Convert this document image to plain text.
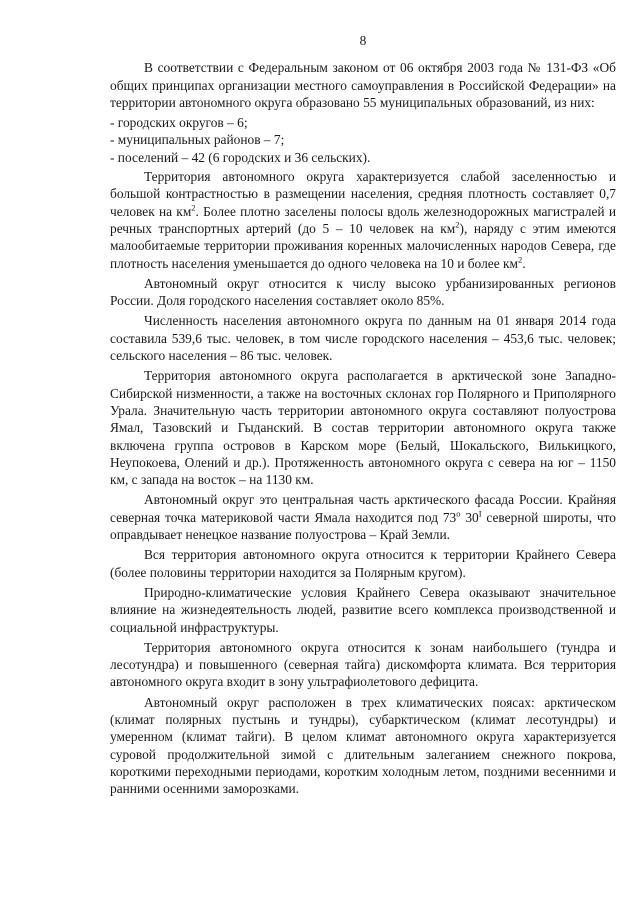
8

В соответствии с Федеральным законом от 06 октября 2003 года № 131-ФЗ «Об общих принципах организации местного самоуправления в Российской Федерации» на территории автономного округа образовано 55 муниципальных образований, из них:

- городских округов – 6;
- муниципальных районов – 7;
- поселений – 42 (6 городских и 36 сельских).

Территория автономного округа характеризуется слабой заселенностью и большой контрастностью в размещении населения, средняя плотность составляет 0,7 человек на $км^2$. Более плотно заселены полосы вдоль железнодорожных магистралей и речных транспортных артерий (до 5 – 10 человек на $км^2$), наряду с этим имеются малообитаемые территории проживания коренных малочисленных народов Севера, где плотность населения уменьшается до одного человека на 10 и более $км^2$.

Автономный округ относится к числу высоко урбанизированных регионов России. Доля городского населения составляет около 85%.

Численность населения автономного округа по данным на 01 января 2014 года составила 539,6 тыс. человек, в том числе городского населения – 453,6 тыс. человек; сельского населения – 86 тыс. человек.

Территория автономного округа располагается в арктической зоне Западно-Сибирской низменности, а также на восточных склонах гор Полярного и Приполярного Урала. Значительную часть территории автономного округа составляют полуострова Ямал, Тазовский и Гыданский. В состав территории автономного округа также включена группа островов в Карском море (Белый, Шокальского, Вилькицкого, Неупокоева, Олений и др.). Протяженность автономного округа с севера на юг – 1150 км, с запада на восток – на 1130 км.

Автономный округ это центральная часть арктического фасада России. Крайняя северная точка материковой части Ямала находится под $73^о$ $30^I$ северной широты, что оправдывает ненецкое название полуострова – Край Земли.

Вся территория автономного округа относится к территории Крайнего Севера (более половины территории находится за Полярным кругом).

Природно-климатические условия Крайнего Севера оказывают значительное влияние на жизнедеятельность людей, развитие всего комплекса производственной и социальной инфраструктуры.

Территория автономного округа относится к зонам наибольшего (тундра и лесотундра) и повышенного (северная тайга) дискомфорта климата. Вся территория автономного округа входит в зону ультрафиолетового дефицита.

Автономный округ расположен в трех климатических поясах: арктическом (климат полярных пустынь и тундры), субарктическом (климат лесотундры) и умеренном (климат тайги). В целом климат автономного округа характеризуется суровой продолжительной зимой с длительным залеганием снежного покрова, короткими переходными периодами, коротким холодным летом, поздними весенними и ранними осенними заморозками.
